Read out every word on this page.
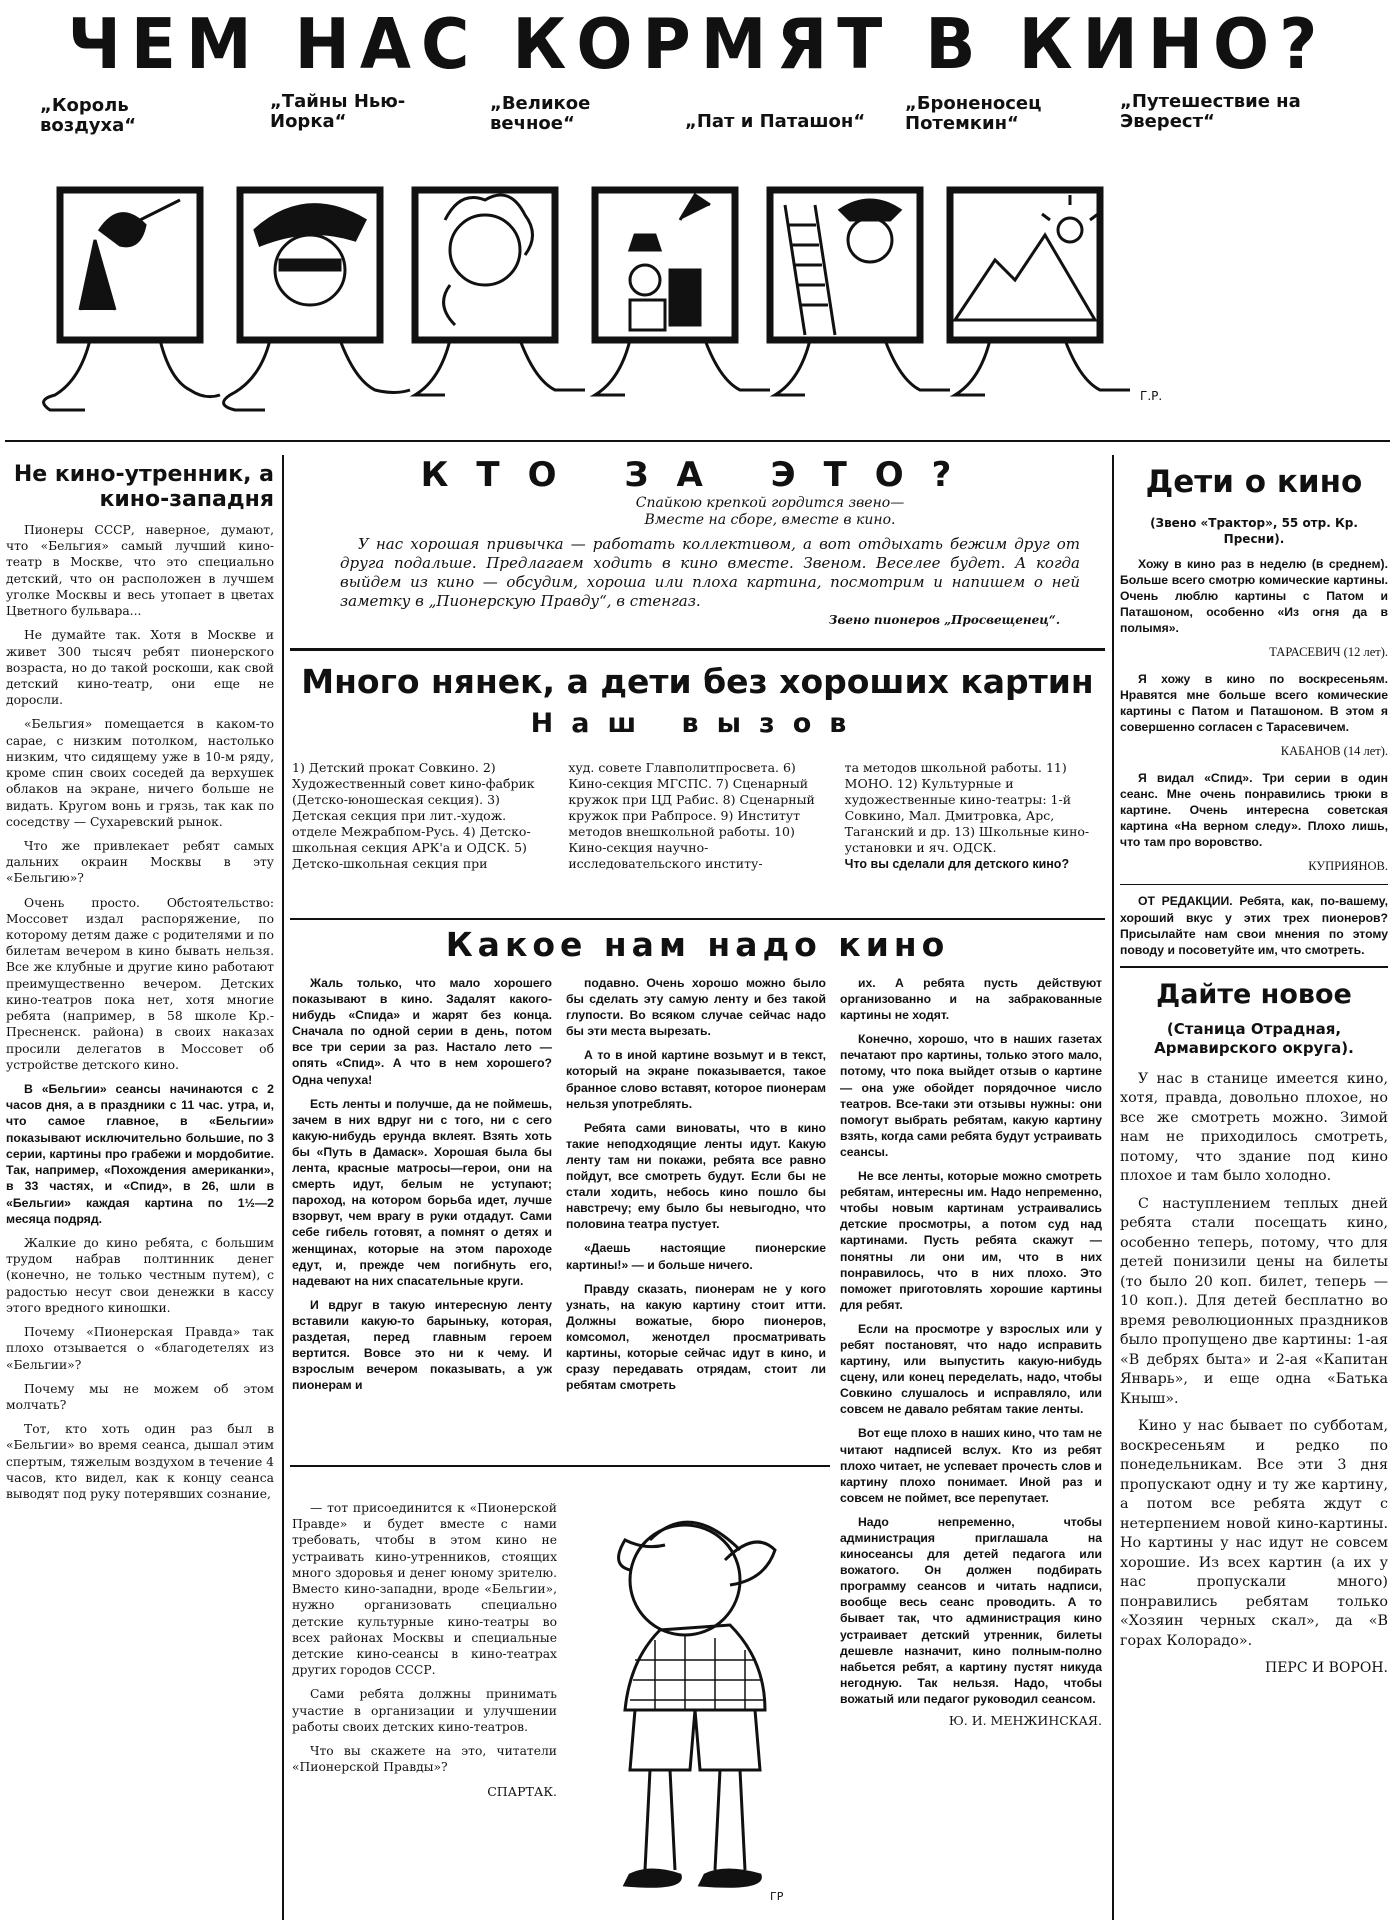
ЧЕМ НАС КОРМЯТ В КИНО?
„Король воздуха“
„Тайны Нью-Иорка“
„Великое вечное“	„Пат и Паташон“
„Броненосец Потемкин“
„Путешествие на Эверест“
Г.Р.
Не кино-утренник, а кино-западня

Пионеры СССР, наверное, думают, что «Бельгия» самый лучший кино-театр в Москве, что это специально детский, что он расположен в лучшем уголке Москвы и весь утопает в цветах Цветного бульвара...

Не думайте так. Хотя в Москве и живет 300 тысяч ребят пионерского возраста, но до такой роскоши, как свой детский кино-театр, они еще не доросли.

«Бельгия» помещается в каком-то сарае, с низким потолком, настолько низким, что сидящему уже в 10-м ряду, кроме спин своих соседей да верхушек облаков на экране, ничего больше не видать. Кругом вонь и грязь, так как по соседству — Сухаревский рынок.

Что же привлекает ребят самых дальних окраин Москвы в эту «Бельгию»?

Очень просто. Обстоятельство: Моссовет издал распоряжение, по которому детям даже с родителями и по билетам вечером в кино бывать нельзя. Все же клубные и другие кино работают преимущественно вечером. Детских кино-театров пока нет, хотя многие ребята (например, в 58 школе Кр.-Пресненск. района) в своих наказах просили делегатов в Моссовет об устройстве детского кино.

В «Бельгии» сеансы начинаются с 2 часов дня, а в праздники с 11 час. утра, и, что самое главное, в «Бельгии» показывают исключительно большие, по 3 серии, картины про грабежи и мордобитие. Так, например, «Похождения американки», в 33 частях, и «Спид», в 26, шли в «Бельгии» каждая картина по 1½—2 месяца подряд.

Жалкие до кино ребята, с большим трудом набрав полтинник денег (конечно, не только честным путем), с радостью несут свои денежки в кассу этого вредного киношки.

Почему «Пионерская Правда» так плохо отзывается о «благодетелях из «Бельгии»?

Почему мы не можем об этом молчать?

Тот, кто хоть один раз был в «Бельгии» во время сеанса, дышал этим спертым, тяжелым воздухом в течение 4 часов, кто видел, как к концу сеанса выводят под руку потерявших сознание,

КТО ЗА ЭТО?
Спайкою крепкой гордится звено—
Вместе на сборе, вместе в кино.

У нас хорошая привычка — работать коллективом, а вот отдыхать бежим друг от друга подальше. Предлагаем ходить в кино вместе. Звеном. Веселее будет. А когда выйдем из кино — обсудим, хороша или плоха картина, посмотрим и напишем о ней заметку в „Пионерскую Правду“, в стенгаз.

Звено пионеров „Просвещенец“.
Много нянек, а дети без хороших картин
Наш вызов
1) Детский прокат Совкино. 2) Художественный совет кино-фабрик (Детско-юношеская секция). 3) Детская секция при лит.-худож. отделе Межрабпом-Русь. 4) Детско-школьная секция АРК'а и ОДСК. 5) Детско-школьная секция при
худ. совете Главполитпросвета. 6) Кино-секция МГСПС. 7) Сценарный кружок при ЦД Рабис. 8) Сценарный кружок при Рабпросе. 9) Институт методов внешкольной работы. 10) Кино-секция научно-исследовательского институ-
та методов школьной работы. 11) МОНО. 12) Культурные и художественные кино-театры: 1-й Совкино, Мал. Дмитровка, Арс, Таганский и др. 13) Школьные кино-установки и яч. ОДСК.
Что вы сделали для детского кино?
Какое нам надо кино

Жаль только, что мало хорошего показывают в кино. Задалят какого-нибудь «Спида» и жарят без конца. Сначала по одной серии в день, потом все три серии за раз. Настало лето — опять «Спид». А что в нем хорошего? Одна чепуха!

Есть ленты и получше, да не поймешь, зачем в них вдруг ни с того, ни с сего какую-нибудь ерунда вклеят. Взять хоть бы «Путь в Дамаск». Хорошая была бы лента, красные матросы—герои, они на смерть идут, белым не уступают; пароход, на котором борьба идет, лучше взорвут, чем врагу в руки отдадут. Сами себе гибель готовят, а помнят о детях и женщинах, которые на этом пароходе едут, и, прежде чем погибнуть его, надевают на них спасательные круги.

И вдруг в такую интересную ленту вставили какую-то барыньку, которая, раздетая, перед главным героем вертится. Вовсе это ни к чему. И взрослым вечером показывать, а уж пионерам и

подавно. Очень хорошо можно было бы сделать эту самую ленту и без такой глупости. Во всяком случае сейчас надо бы эти места вырезать.

А то в иной картине возьмут и в текст, который на экране показывается, такое бранное слово вставят, которое пионерам нельзя употреблять.

Ребята сами виноваты, что в кино такие неподходящие ленты идут. Какую ленту там ни покажи, ребята все равно пойдут, все смотреть будут. Если бы не стали ходить, небось кино пошло бы навстречу; ему было бы невыгодно, что половина театра пустует.

«Даешь настоящие пионерские картины!» — и больше ничего.

Правду сказать, пионерам не у кого узнать, на какую картину стоит итти. Должны вожатые, бюро пионеров, комсомол, женотдел просматривать картины, которые сейчас идут в кино, и сразу передавать отрядам, стоит ли ребятам смотреть

их. А ребята пусть действуют организованно и на забракованные картины не ходят.

Конечно, хорошо, что в наших газетах печатают про картины, только этого мало, потому, что пока выйдет отзыв о картине — она уже обойдет порядочное число театров. Все-таки эти отзывы нужны: они помогут выбрать ребятам, какую картину взять, когда сами ребята будут устраивать сеансы.

Не все ленты, которые можно смотреть ребятам, интересны им. Надо непременно, чтобы новым картинам устраивались детские просмотры, а потом суд над картинами. Пусть ребята скажут — понятны ли они им, что в них понравилось, что в них плохо. Это поможет приготовлять хорошие картины для ребят.

Если на просмотре у взрослых или у ребят постановят, что надо исправить картину, или выпустить какую-нибудь сцену, или конец переделать, надо, чтобы Совкино слушалось и исправляло, или совсем не давало ребятам такие ленты.

Вот еще плохо в наших кино, что там не читают надписей вслух. Кто из ребят плохо читает, не успевает прочесть слов и картину плохо понимает. Иной раз и совсем не поймет, все перепутает.

Надо непременно, чтобы администрация приглашала на киносеансы для детей педагога или вожатого. Он должен подбирать программу сеансов и читать надписи, вообще весь сеанс проводить. А то бывает так, что администрация кино устраивает детский утренник, билеты дешевле назначит, кино полным-полно набьется ребят, а картину пустят никуда негодную. Так нельзя. Надо, чтобы вожатый или педагог руководил сеансом.

Ю. И. МЕНЖИНСКАЯ.

— тот присоединится к «Пионерской Правде» и будет вместе с нами требовать, чтобы в этом кино не устраивать кино-утренников, стоящих много здоровья и денег юному зрителю. Вместо кино-западни, вроде «Бельгии», нужно организовать специально детские культурные кино-театры во всех районах Москвы и специальные детские кино-сеансы в кино-театрах других городов СССР.

Сами ребята должны принимать участие в организации и улучшении работы своих детских кино-театров.

Что вы скажете на это, читатели «Пионерской Правды»?

СПАРТАК.
ГР
Дети о кино
(Звено «Трактор», 55 отр. Кр. Пресни).

Хожу в кино раз в неделю (в среднем). Больше всего смотрю комические картины. Очень люблю картины с Патом и Паташоном, особенно «Из огня да в полымя».

ТАРАСЕВИЧ (12 лет).

Я хожу в кино по воскресеньям. Нравятся мне больше всего комические картины с Патом и Паташоном. В этом я совершенно согласен с Тарасевичем.

КАБАНОВ (14 лет).

Я видал «Спид». Три серии в один сеанс. Мне очень понравились трюки в картине. Очень интересна советская картина «На верном следу». Плохо лишь, что там про воровство.

КУПРИЯНОВ.

ОТ РЕДАКЦИИ. Ребята, как, по-вашему, хороший вкус у этих трех пионеров? Присылайте нам свои мнения по этому поводу и посоветуйте им, что смотреть.

Дайте новое
(Станица Отрадная, Армавирского округа).

У нас в станице имеется кино, хотя, правда, довольно плохое, но все же смотреть можно. Зимой нам не приходилось смотреть, потому, что здание под кино плохое и там было холодно.

С наступлением теплых дней ребята стали посещать кино, особенно теперь, потому, что для детей понизили цены на билеты (то было 20 коп. билет, теперь — 10 коп.). Для детей бесплатно во время революционных праздников было пропущено две картины: 1-ая «В дебрях быта» и 2-ая «Капитан Январь», и еще одна «Батька Кныш».

Кино у нас бывает по субботам, воскресеньям и редко по понедельникам. Все эти 3 дня пропускают одну и ту же картину, а потом все ребята ждут с нетерпением новой кино-картины. Но картины у нас идут не совсем хорошие. Из всех картин (а их у нас пропускали много) понравились ребятам только «Хозяин черных скал», да «В горах Колорадо».

ПЕРС И ВОРОН.
